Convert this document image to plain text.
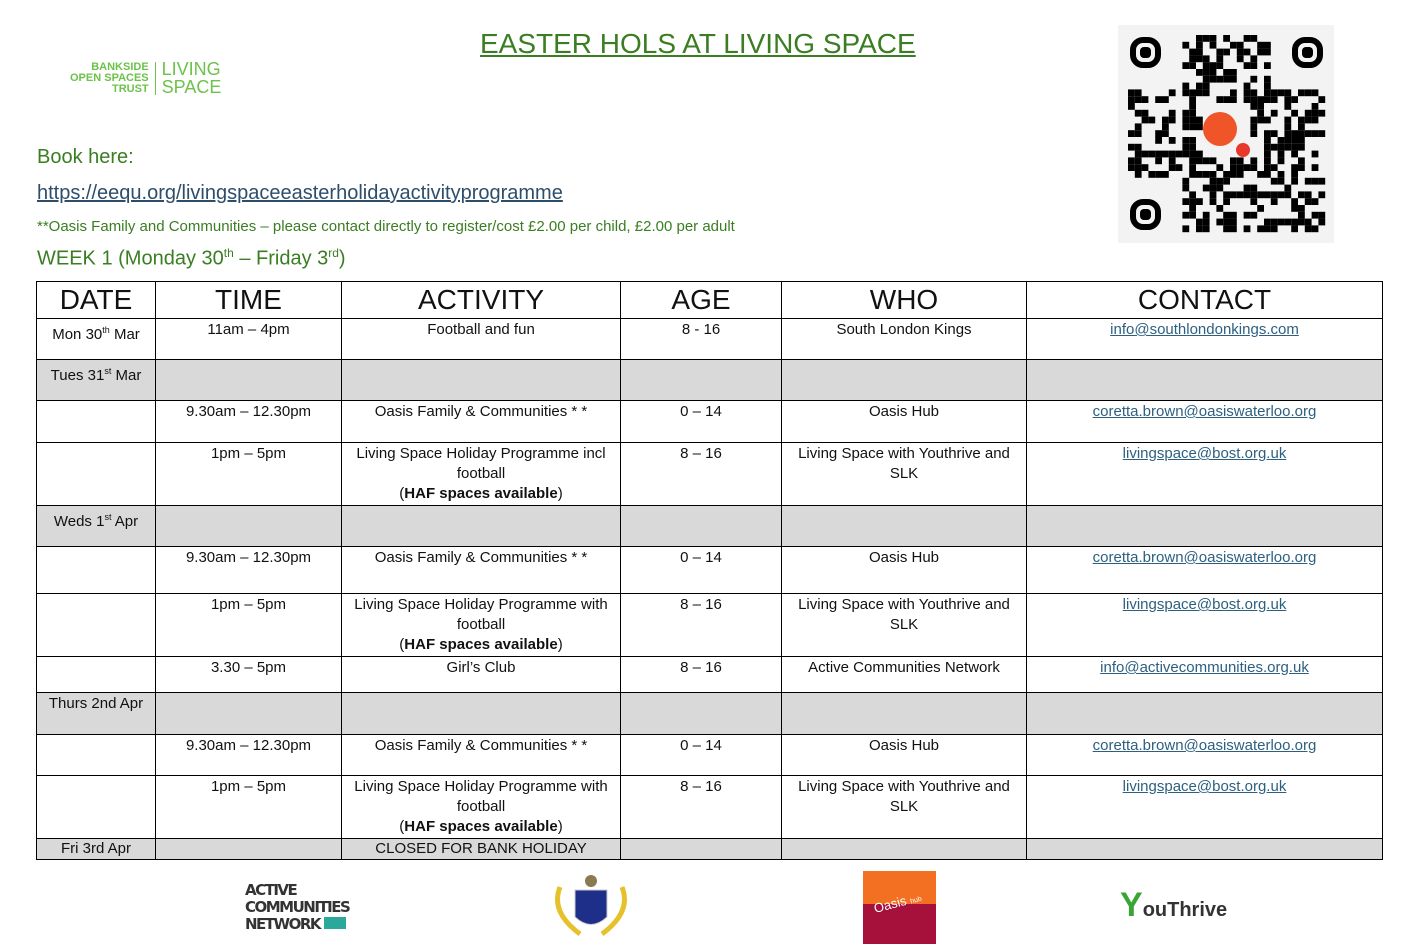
EASTER HOLS AT LIVING SPACE
BANKSIDE
OPEN SPACES
TRUST
LIVING
SPACE
Book here:
https://eequ.org/livingspaceeasterholidayactivityprogramme
**Oasis Family and Communities – please contact directly to register/cost £2.00 per child, £2.00 per adult
WEEK 1 (Monday 30th – Friday 3rd)
DATE	TIME	ACTIVITY	AGE	WHO	CONTACT
Mon 30th Mar	11am – 4pm	Football and fun	8 - 16	South London Kings	info@southlondonkings.com
Tues 31st Mar					
	9.30am – 12.30pm	Oasis Family & Communities * *	0 – 14	Oasis Hub	coretta.brown@oasiswaterloo.org
	1pm – 5pm	Living Space Holiday Programme incl football
(HAF spaces available)	8 – 16	Living Space with Youthrive and SLK	livingspace@bost.org.uk
Weds 1st Apr					
	9.30am – 12.30pm	Oasis Family & Communities * *	0 – 14	Oasis Hub	coretta.brown@oasiswaterloo.org
	1pm – 5pm	Living Space Holiday Programme with football
(HAF spaces available)	8 – 16	Living Space with Youthrive and SLK	livingspace@bost.org.uk
	3.30 – 5pm	Girl’s Club	8 – 16	Active Communities Network	info@activecommunities.org.uk
Thurs 2nd Apr					
	9.30am – 12.30pm	Oasis Family & Communities * *	0 – 14	Oasis Hub	coretta.brown@oasiswaterloo.org
	1pm – 5pm	Living Space Holiday Programme with football
(HAF spaces available)	8 – 16	Living Space with Youthrive and SLK	livingspace@bost.org.uk
Fri 3rd Apr		CLOSED FOR BANK HOLIDAY			
ACTIVE
COMMUNITIES
NETWORK
Oasis hub	Y ouThrive
